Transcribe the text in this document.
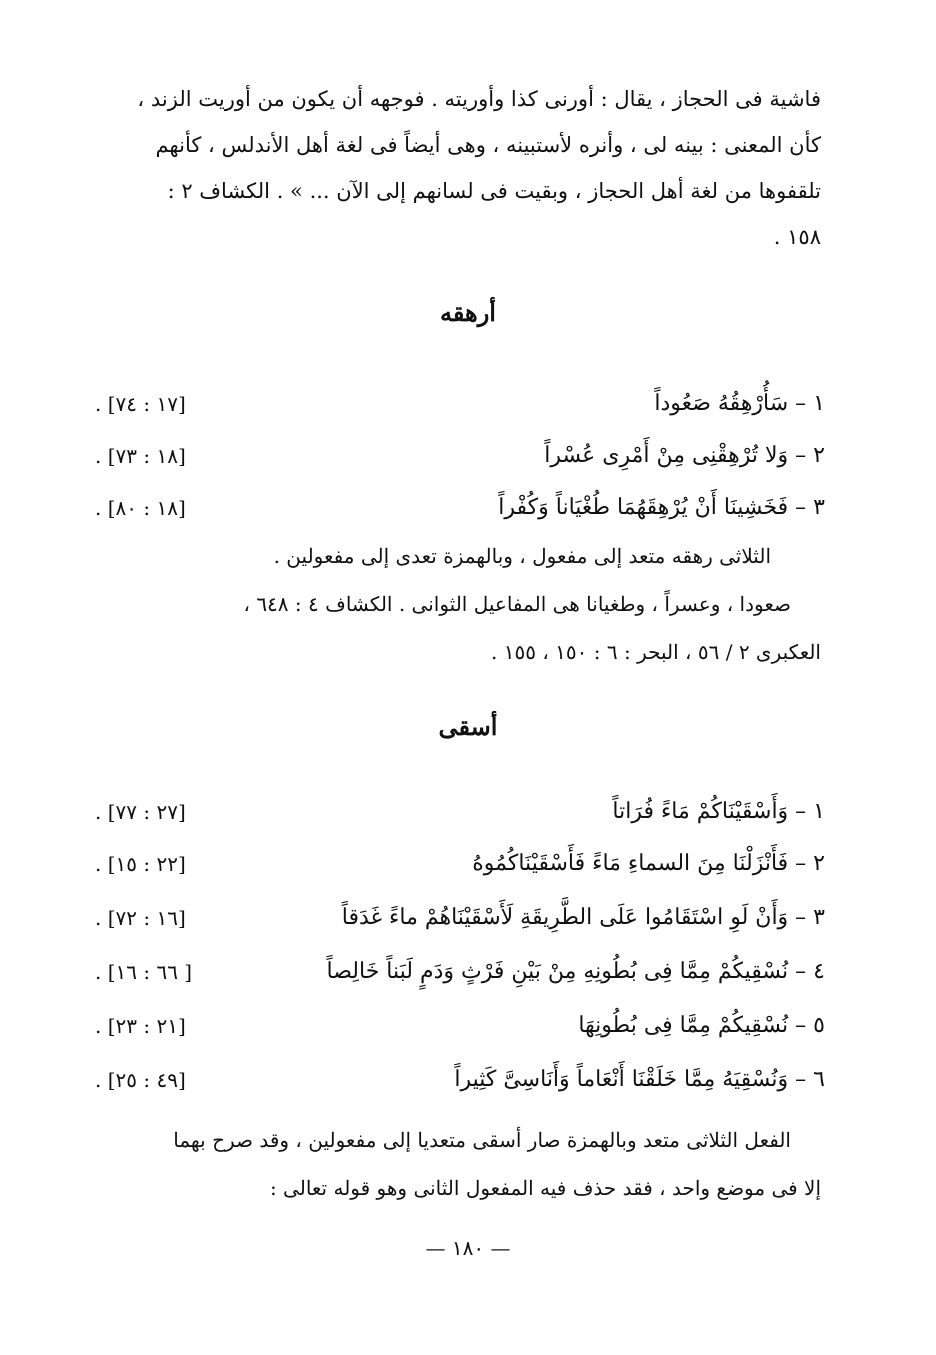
فاشية فى الحجاز ، يقال : أورنى كذا وأوريته . فوجهه أن يكون من أوريت الزند ،
كأن المعنى : بينه لى ، وأنره لأستبينه ، وهى أيضاً فى لغة أهل الأندلس ، كأنهم
تلقفوها من لغة أهل الحجاز ، وبقيت فى لسانهم إلى الآن ... » . الكشاف ٢ :
١٥٨ .
أرهقه
١ – سَأُرْهِقُهُ صَعُوداً
. [١٧ : ٧٤]
٢ – وَلا تُرْهِقْنِى مِنْ أَمْرِى عُسْراً
. [١٨ : ٧٣]
٣ – فَخَشِينَا أَنْ يُرْهِقَهُمَا طُغْيَاناً وَكُفْراً
. [١٨ : ٨٠]
الثلاثى رهقه متعد إلى مفعول ، وبالهمزة تعدى إلى مفعولين .
صعودا ، وعسراً ، وطغيانا هى المفاعيل الثوانى . الكشاف ٤ : ٦٤٨ ،
العكبرى ٢ / ٥٦ ، البحر : ٦ : ١٥٠ ، ١٥٥ .
أسقى
١ – وَأَسْقَيْنَاكُمْ مَاءً فُرَاتاً
. [٢٧ : ٧٧]
٢ – فَأَنْزَلْنَا مِنَ السماءِ مَاءً فَأَسْقَيْنَاكُمُوهُ
. [٢٢ : ١٥]
٣ – وَأَنْ لَوِ اسْتَقَامُوا عَلَى الطَّرِيقَةِ لَأَسْقَيْنَاهُمْ ماءً غَدَقاً
. [١٦ : ٧٢]
٤ – نُسْقِيكُمْ مِمَّا فِى بُطُونِهِ مِنْ بَيْنِ فَرْثٍ وَدَمٍ لَبَناً خَالِصاً
. [٦٦ : ١٦ ]
٥ – نُسْقِيكُمْ مِمَّا فِى بُطُونِهَا
. [٢١ : ٢٣]
٦ – وَنُسْقِيَهُ مِمَّا خَلَقْنَا أَنْعَاماً وَأَنَاسِىَّ كَثِيراً
. [٤٩ : ٢٥]
الفعل الثلاثى متعد وبالهمزة صار أسقى متعديا إلى مفعولين ، وقد صرح بهما
إلا فى موضع واحد ، فقد حذف فيه المفعول الثانى وهو قوله تعالى :
— ١٨٠ —
